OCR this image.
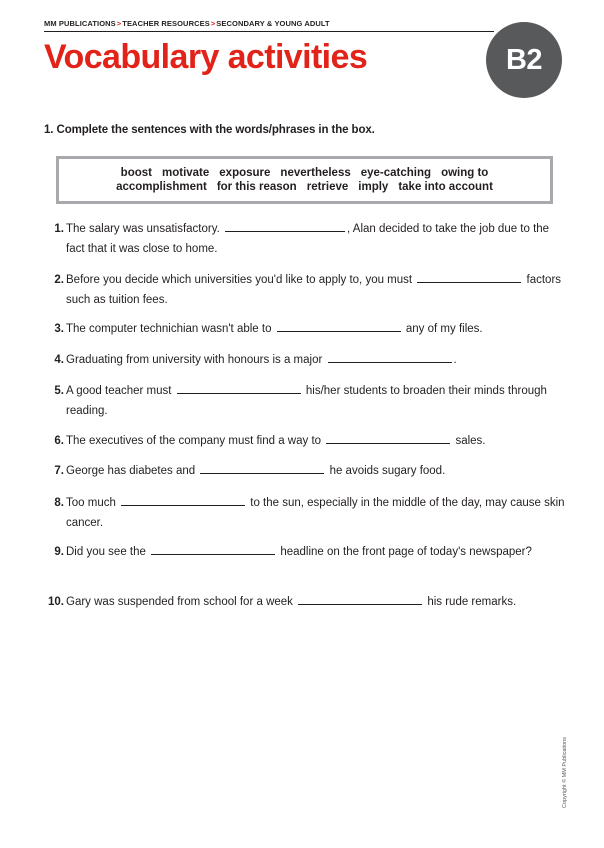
MM PUBLICATIONS>TEACHER RESOURCES>SECONDARY & YOUNG ADULT
Vocabulary activities	B2
1. Complete the sentences with the words/phrases in the box.
boost motivate exposure nevertheless eye-catching owing to
accomplishment for this reason retrieve imply take into account
1. The salary was unsatisfactory.	, Alan decided to take the job due to the fact that it was close to home.
2. Before you decide which universities you'd like to apply to, you must	factors such as tuition fees.
3. The computer technichian wasn't able to	any of my files.
4. Graduating from university with honours is a major	.
5. A good teacher must	his/her students to broaden their minds through reading.
6. The executives of the company must find a way to	sales.
7. George has diabetes and	he avoids sugary food.
8. Too much	to the sun, especially in the middle of the day, may cause skin cancer.
9. Did you see the	headline on the front page of today's newspaper?
10. Gary was suspended from school for a week	his rude remarks.
Copyright © MM Publications
